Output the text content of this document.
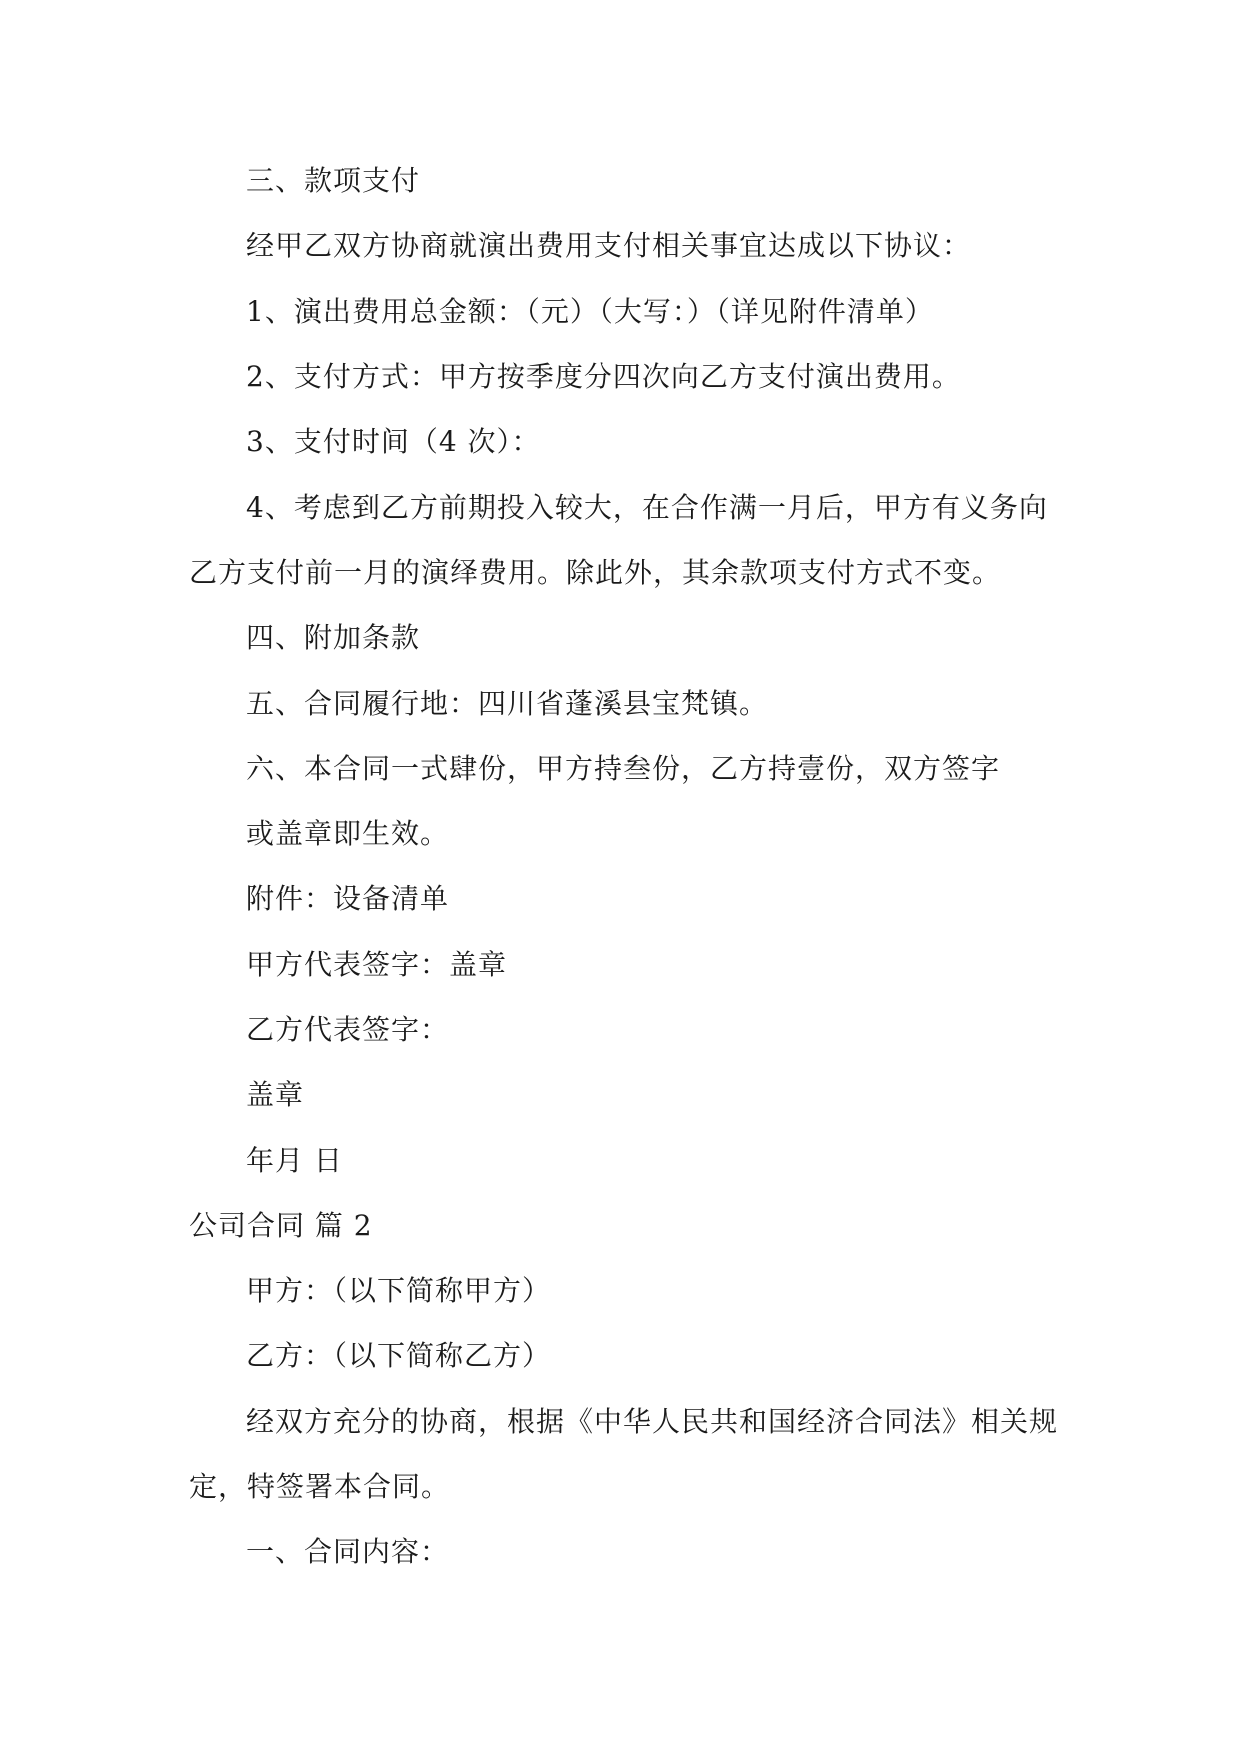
三、款项支付
经甲乙双方协商就演出费用支付相关事宜达成以下协议：
1、演出费用总金额：（元）（大写：）（详见附件清单）
2、支付方式：甲方按季度分四次向乙方支付演出费用。
3、支付时间（4 次）：
4、考虑到乙方前期投入较大，在合作满一月后，甲方有义务向
乙方支付前一月的演绎费用。除此外，其余款项支付方式不变。
四、附加条款
五、合同履行地：四川省蓬溪县宝梵镇。
六、本合同一式肆份，甲方持叁份，乙方持壹份，双方签字
或盖章即生效。
附件：设备清单
甲方代表签字：盖章
乙方代表签字：
盖章
年月 日
公司合同 篇 2
甲方：（以下简称甲方）
乙方：（以下简称乙方）
经双方充分的协商，根据《中华人民共和国经济合同法》相关规
定，特签署本合同。
一、合同内容：
